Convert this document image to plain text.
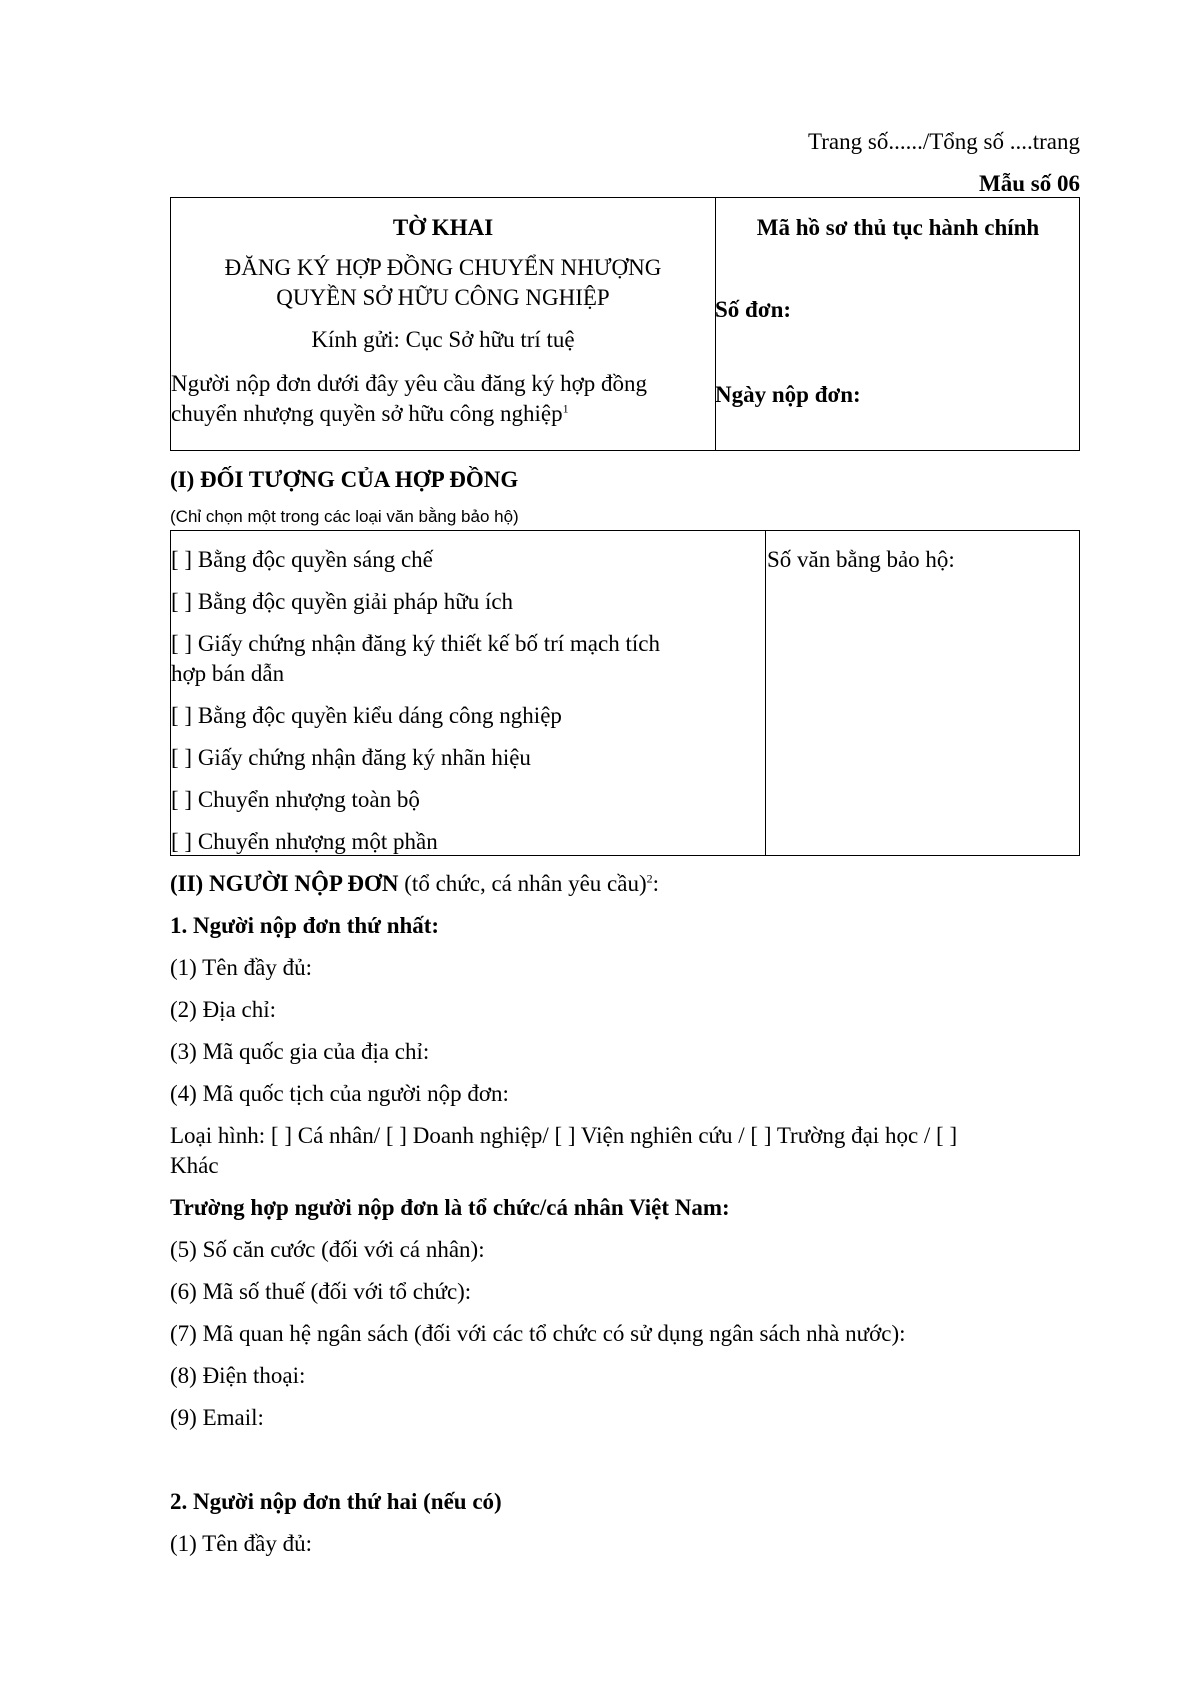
Trang số....../Tổng số ....trang
Mẫu số 06
TỜ KHAI
ĐĂNG KÝ HỢP ĐỒNG CHUYỂN NHƯỢNG
QUYỀN SỞ HỮU CÔNG NGHIỆP
Kính gửi: Cục Sở hữu trí tuệ
Người nộp đơn dưới đây yêu cầu đăng ký hợp đồng
chuyển nhượng quyền sở hữu công nghiệp$^1$
Mã hồ sơ thủ tục hành chính
Số đơn:
Ngày nộp đơn:
(I) ĐỐI TƯỢNG CỦA HỢP ĐỒNG
(Chỉ chọn một trong các loại văn bằng bảo hộ)
[ ] Bằng độc quyền sáng chế
[ ] Bằng độc quyền giải pháp hữu ích
[ ] Giấy chứng nhận đăng ký thiết kế bố trí mạch tích
hợp bán dẫn
[ ] Bằng độc quyền kiểu dáng công nghiệp
[ ] Giấy chứng nhận đăng ký nhãn hiệu
[ ] Chuyển nhượng toàn bộ
[ ] Chuyển nhượng một phần
Số văn bằng bảo hộ:
(II) NGƯỜI NỘP ĐƠN (tổ chức, cá nhân yêu cầu)$^2$:
1. Người nộp đơn thứ nhất:
(1) Tên đầy đủ:
(2) Địa chỉ:
(3) Mã quốc gia của địa chỉ:
(4) Mã quốc tịch của người nộp đơn:
Loại hình: [ ] Cá nhân/ [ ] Doanh nghiệp/ [ ] Viện nghiên cứu / [ ] Trường đại học / [ ]
Khác
Trường hợp người nộp đơn là tổ chức/cá nhân Việt Nam:
(5) Số căn cước (đối với cá nhân):
(6) Mã số thuế (đối với tổ chức):
(7) Mã quan hệ ngân sách (đối với các tổ chức có sử dụng ngân sách nhà nước):
(8) Điện thoại:
(9) Email:
2. Người nộp đơn thứ hai (nếu có)
(1) Tên đầy đủ:
